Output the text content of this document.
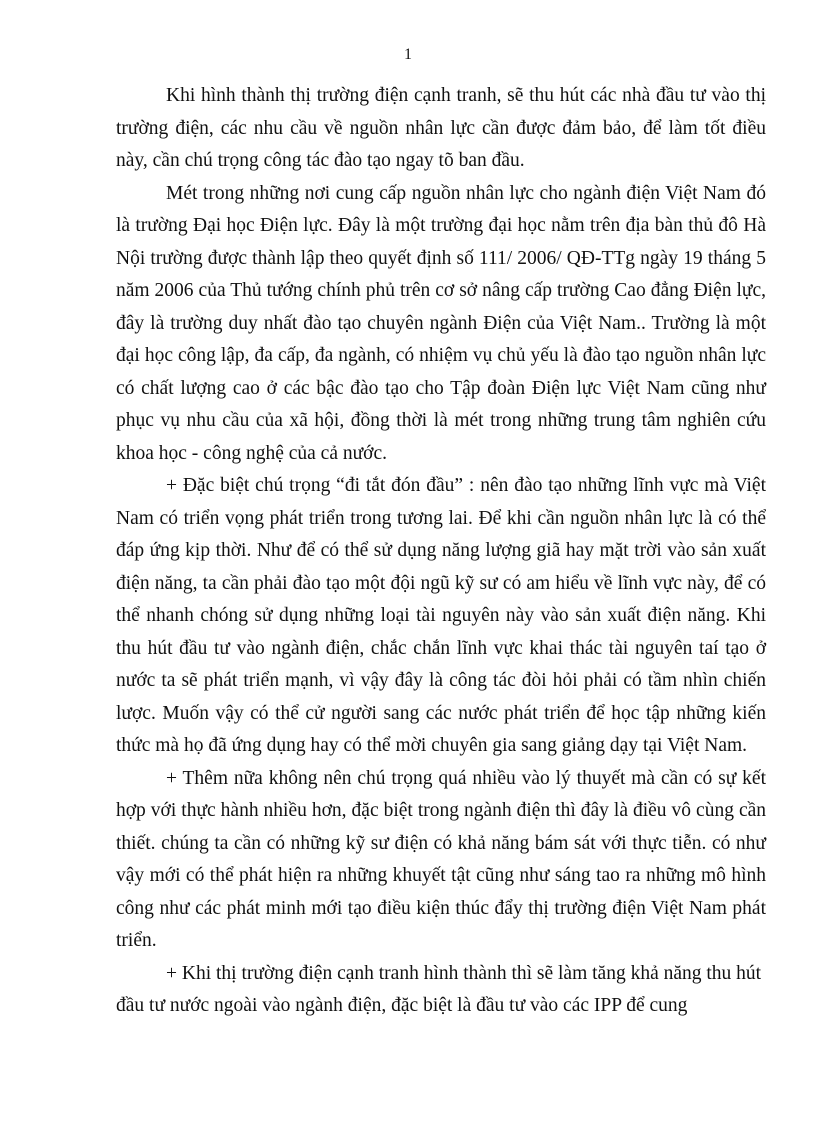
1

Khi hình thành thị trường điện cạnh tranh, sẽ thu hút các nhà đầu tư vào thị trường điện, các nhu cầu về nguồn nhân lực cần được đảm bảo, để làm tốt điều này, cần chú trọng công tác đào tạo ngay tõ ban đầu.

Mét trong những nơi cung cấp nguồn nhân lực cho ngành điện Việt Nam đó là trường Đại học Điện lực. Đây là một trường đại học nằm trên địa bàn thủ đô Hà Nội trường được thành lập theo quyết định số 111/ 2006/ QĐ-TTg ngày 19 tháng 5 năm 2006 của Thủ tướng chính phủ trên cơ sở nâng cấp trường Cao đẳng Điện lực, đây là trường duy nhất đào tạo chuyên ngành Điện của Việt Nam.. Trường là một đại học công lập, đa cấp, đa ngành, có nhiệm vụ chủ yếu là đào tạo nguồn nhân lực có chất lượng cao ở các bậc đào tạo cho Tập đoàn Điện lực Việt Nam cũng như phục vụ nhu cầu của xã hội, đồng thời là mét trong những trung tâm nghiên cứu khoa học - công nghệ của cả nước.

+ Đặc biệt chú trọng “đi tắt đón đầu” : nên đào tạo những lĩnh vực mà Việt Nam có triển vọng phát triển trong tương lai. Để khi cần nguồn nhân lực là có thể đáp ứng kịp thời. Như để có thể sử dụng năng lượng giã hay mặt trời vào sản xuất điện năng, ta cần phải đào tạo một đội ngũ kỹ sư có am hiểu về lĩnh vực này, để có thể nhanh chóng sử dụng những loại tài nguyên này vào sản xuất điện năng. Khi thu hút đầu tư vào ngành điện, chắc chắn lĩnh vực khai thác tài nguyên taí tạo ở nước ta sẽ phát triển mạnh, vì vậy đây là công tác đòi hỏi phải có tầm nhìn chiến lược. Muốn vậy có thể cử người sang các nước phát triển để học tập những kiến thức mà họ đã ứng dụng hay có thể mời chuyên gia sang giảng dạy tại Việt Nam.

+ Thêm nữa không nên chú trọng quá nhiều vào lý thuyết mà cần có sự kết hợp với thực hành nhiều hơn, đặc biệt trong ngành điện thì đây là điều vô cùng cần thiết. chúng ta cần có những kỹ sư điện có khả năng bám sát với thực tiễn. có như vậy mới có thể phát hiện ra những khuyết tật cũng như sáng tao ra những mô hình công như các phát minh mới tạo điều kiện thúc đẩy thị trường điện Việt Nam phát triển.

+ Khi thị trường điện cạnh tranh hình thành thì sẽ làm tăng khả năng thu hút đầu tư nước ngoài vào ngành điện, đặc biệt là đầu tư vào các IPP để cung
